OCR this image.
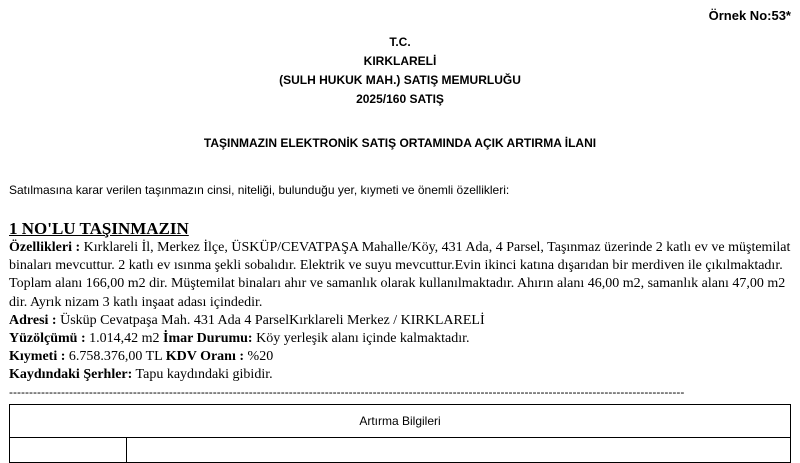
Örnek No:53*
T.C.
KIRKLARELİ
(SULH HUKUK MAH.) SATIŞ MEMURLUĞU
2025/160 SATIŞ
TAŞINMAZIN ELEKTRONİK SATIŞ ORTAMINDA AÇIK ARTIRMA İLANI
Satılmasına karar verilen taşınmazın cinsi, niteliği, bulunduğu yer, kıymeti ve önemli özellikleri:
1 NO'LU TAŞINMAZIN

Özellikleri : Kırklareli İl, Merkez İlçe, ÜSKÜP/CEVATPAŞA Mahalle/Köy, 431 Ada, 4 Parsel, Taşınmaz üzerinde 2 katlı ev ve müştemilat binaları mevcuttur. 2 katlı ev ısınma şekli sobalıdır. Elektrik ve suyu mevcuttur.Evin ikinci katına dışarıdan bir merdiven ile çıkılmaktadır. Toplam alanı 166,00 m2 dir. Müştemilat binaları ahır ve samanlık olarak kullanılmaktadır. Ahırın alanı 46,00 m2, samanlık alanı 47,00 m2 dir. Ayrık nizam 3 katlı inşaat adası içindedir.

Adresi : Üsküp Cevatpaşa Mah. 431 Ada 4 ParselKırklareli Merkez / KIRKLARELİ

Yüzölçümü : 1.014,42 m2 İmar Durumu: Köy yerleşik alanı içinde kalmaktadır.

Kıymeti : 6.758.376,00 TL KDV Oranı : %20

Kaydındaki Şerhler: Tapu kaydındaki gibidir.

-------------------------------------------------------------------------------------------------------------------------------------------------------------------------
Artırma Bilgileri
